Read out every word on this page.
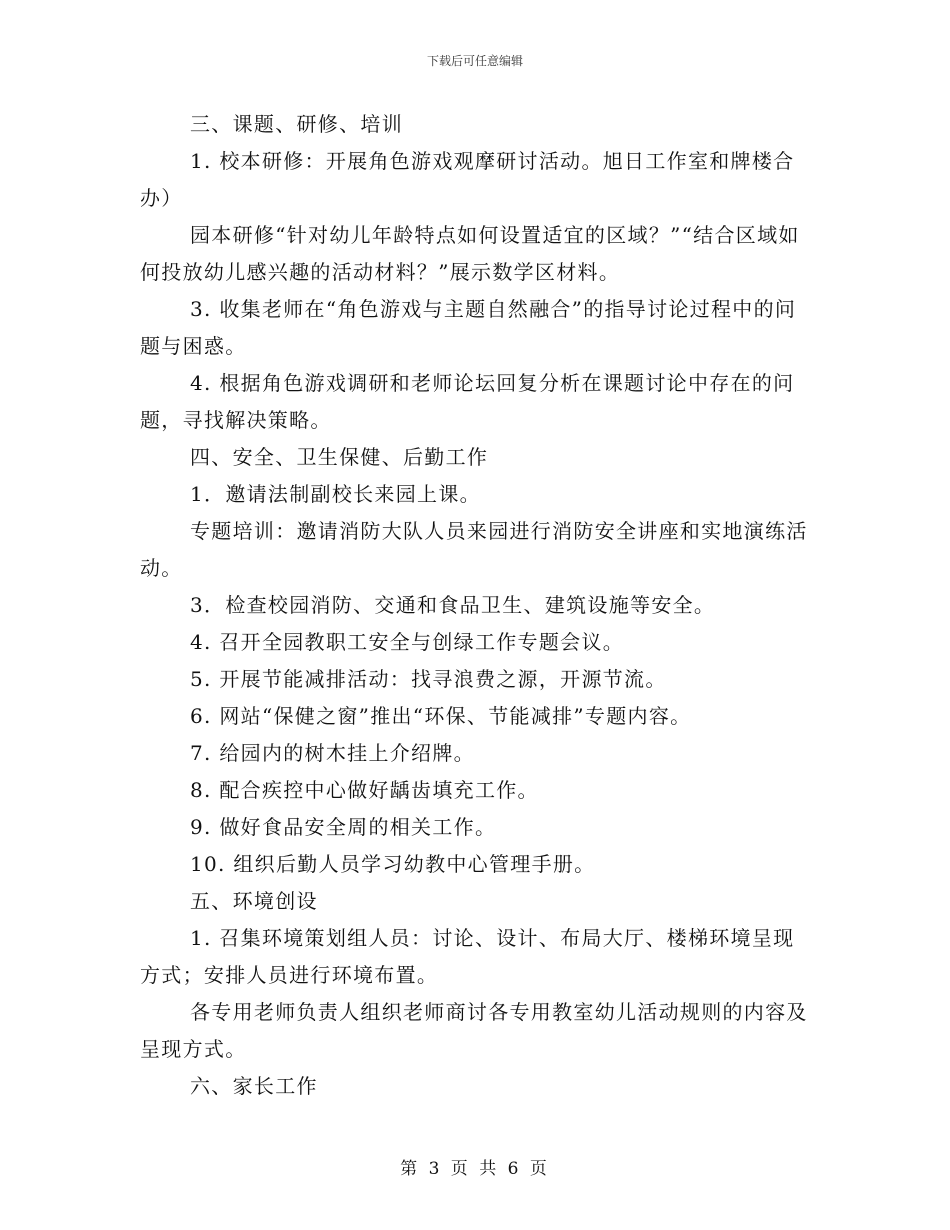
下载后可任意编辑

三、课题、研修、培训

1. 校本研修：开展角色游戏观摩研讨活动。旭日工作室和牌楼合办）

园本研修“针对幼儿年龄特点如何设置适宜的区域？”“结合区域如何投放幼儿感兴趣的活动材料？”展示数学区材料。

3. 收集老师在“角色游戏与主题自然融合”的指导讨论过程中的问题与困惑。

4. 根据角色游戏调研和老师论坛回复分析在课题讨论中存在的问题，寻找解决策略。

四、安全、卫生保健、后勤工作

1．邀请法制副校长来园上课。

专题培训：邀请消防大队人员来园进行消防安全讲座和实地演练活动。

3．检查校园消防、交通和食品卫生、建筑设施等安全。

4. 召开全园教职工安全与创绿工作专题会议。

5. 开展节能减排活动：找寻浪费之源，开源节流。

6. 网站“保健之窗”推出“环保、节能减排”专题内容。

7. 给园内的树木挂上介绍牌。

8. 配合疾控中心做好龋齿填充工作。

9. 做好食品安全周的相关工作。

10. 组织后勤人员学习幼教中心管理手册。

五、环境创设

1. 召集环境策划组人员：讨论、设计、布局大厅、楼梯环境呈现方式；安排人员进行环境布置。

各专用老师负责人组织老师商讨各专用教室幼儿活动规则的内容及呈现方式。

六、家长工作

第 3 页 共 6 页
